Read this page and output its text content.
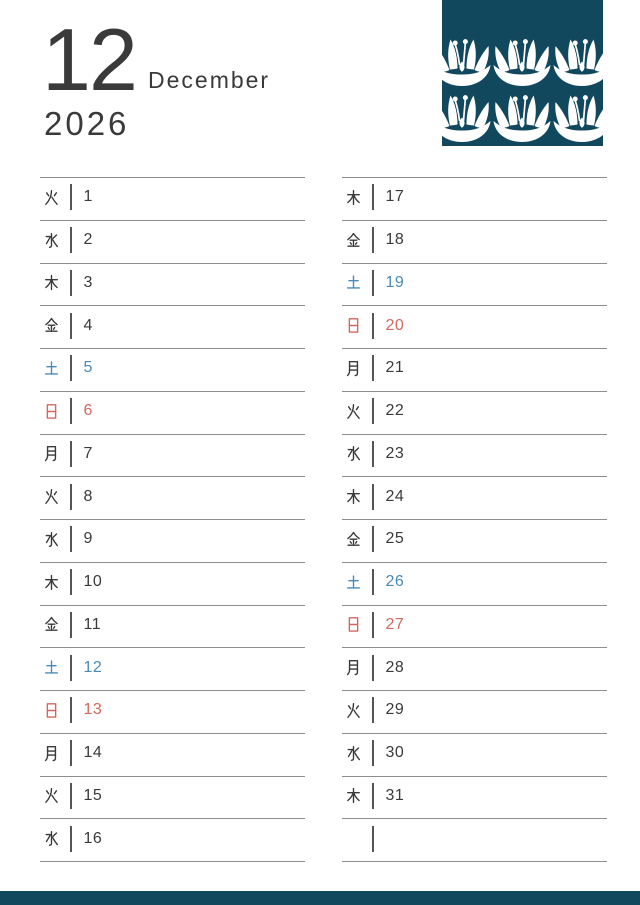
12 December
2026
1
2
3
4
5
6
7
8
9
10
11
12
13
14
15
16
17
18
19
20
21
22
23
24
25
26
27
28
29
30
31
